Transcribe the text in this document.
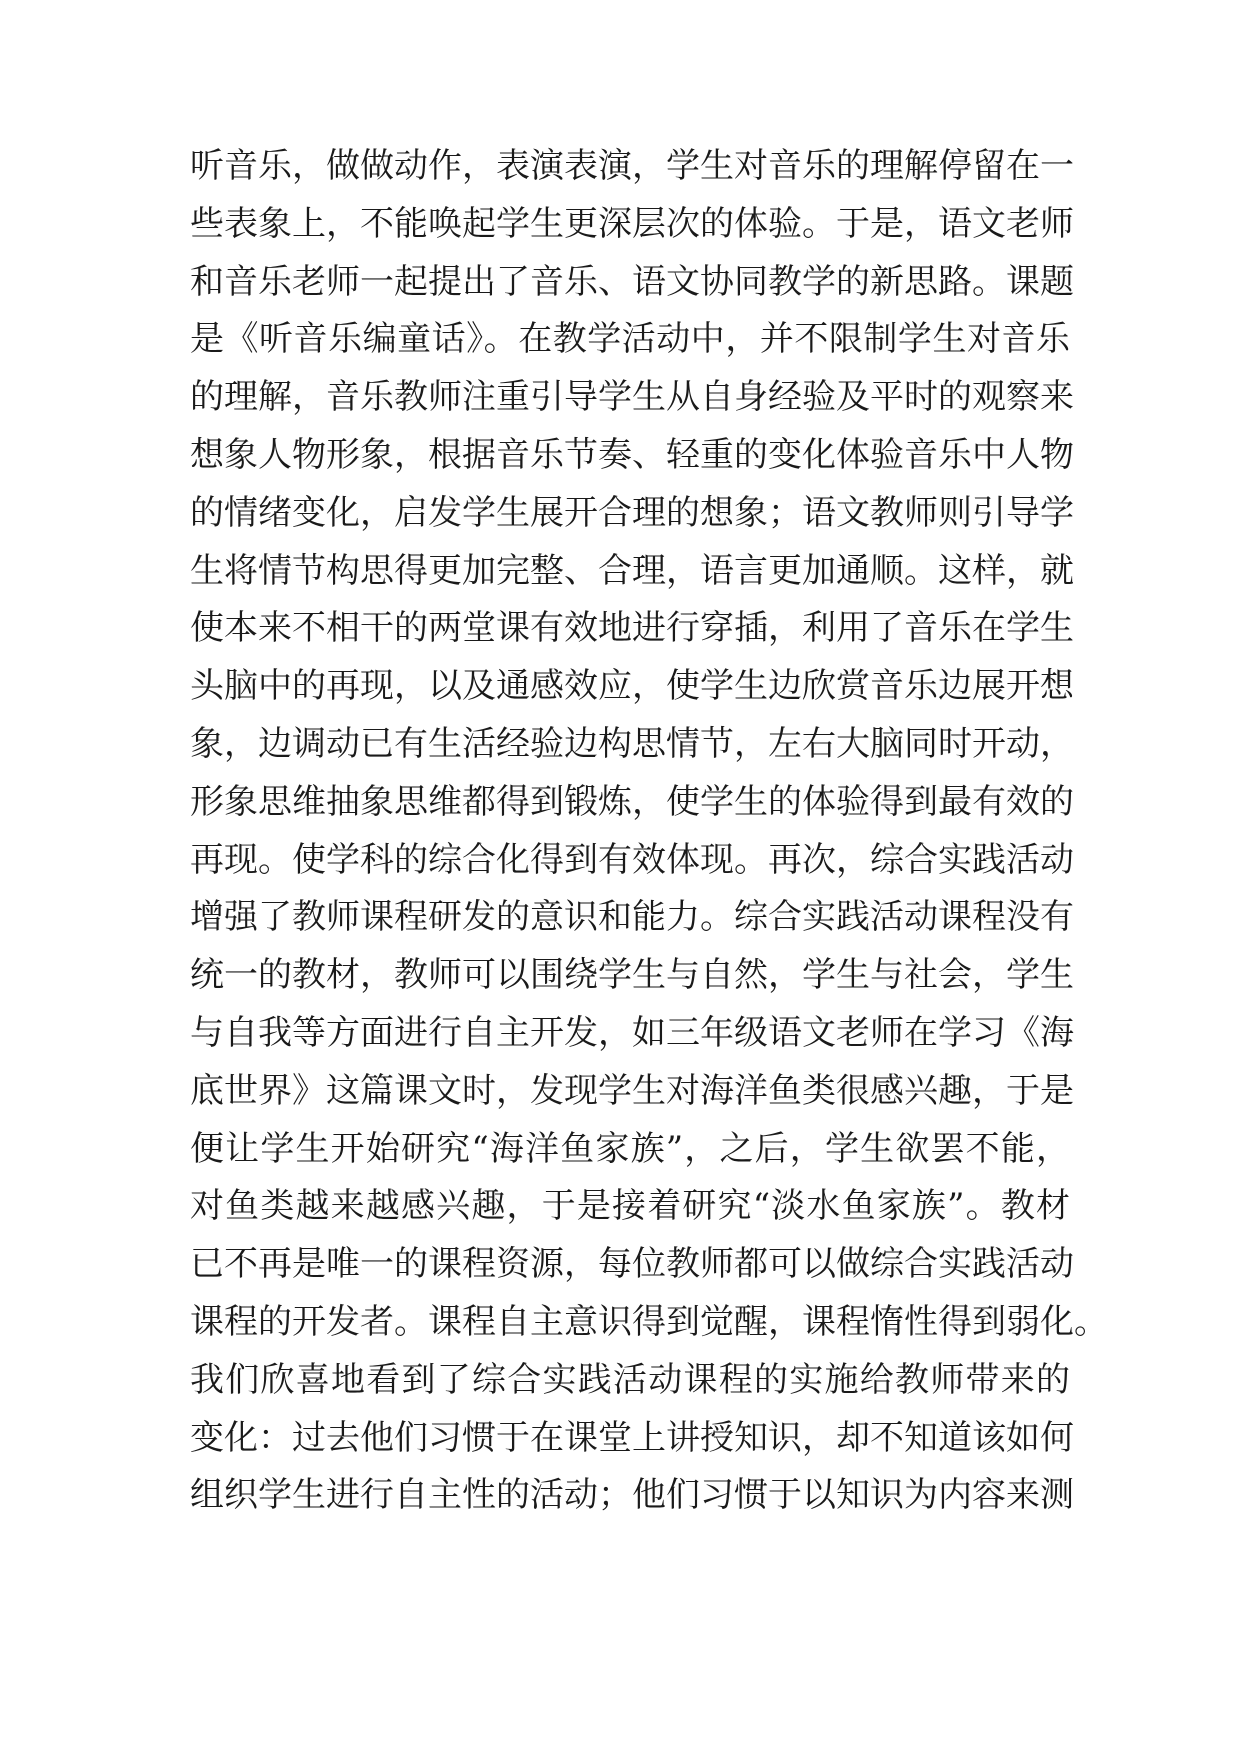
听音乐，做做动作，表演表演，学生对音乐的理解停留在一
些表象上，不能唤起学生更深层次的体验。于是，语文老师
和音乐老师一起提出了音乐、语文协同教学的新思路。课题
是《听音乐编童话》。在教学活动中，并不限制学生对音乐
的理解，音乐教师注重引导学生从自身经验及平时的观察来
想象人物形象，根据音乐节奏、轻重的变化体验音乐中人物
的情绪变化，启发学生展开合理的想象；语文教师则引导学
生将情节构思得更加完整、合理，语言更加通顺。这样，就
使本来不相干的两堂课有效地进行穿插，利用了音乐在学生
头脑中的再现，以及通感效应，使学生边欣赏音乐边展开想
象，边调动已有生活经验边构思情节，左右大脑同时开动，
形象思维抽象思维都得到锻炼，使学生的体验得到最有效的
再现。使学科的综合化得到有效体现。再次，综合实践活动
增强了教师课程研发的意识和能力。综合实践活动课程没有
统一的教材，教师可以围绕学生与自然，学生与社会，学生
与自我等方面进行自主开发，如三年级语文老师在学习《海
底世界》这篇课文时，发现学生对海洋鱼类很感兴趣，于是
便让学生开始研究“海洋鱼家族”，之后，学生欲罢不能，
对鱼类越来越感兴趣，于是接着研究“淡水鱼家族”。教材
已不再是唯一的课程资源，每位教师都可以做综合实践活动
课程的开发者。课程自主意识得到觉醒，课程惰性得到弱化。
我们欣喜地看到了综合实践活动课程的实施给教师带来的
变化：过去他们习惯于在课堂上讲授知识，却不知道该如何
组织学生进行自主性的活动；他们习惯于以知识为内容来测
